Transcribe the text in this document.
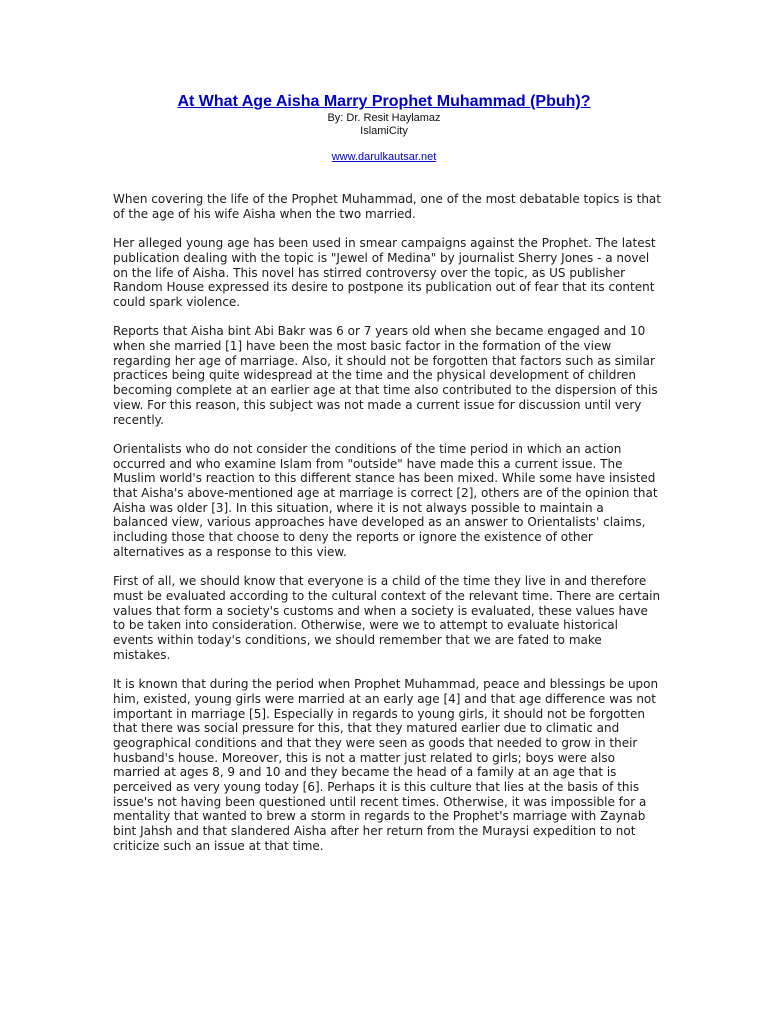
At What Age Aisha Marry Prophet Muhammad (Pbuh)?
By: Dr. Resit Haylamaz
IslamiCity
www.darulkautsar.net

When covering the life of the Prophet Muhammad, one of the most debatable topics is that of the age of his wife Aisha when the two married.

Her alleged young age has been used in smear campaigns against the Prophet. The latest publication dealing with the topic is "Jewel of Medina" by journalist Sherry Jones - a novel on the life of Aisha. This novel has stirred controversy over the topic, as US publisher Random House expressed its desire to postpone its publication out of fear that its content could spark violence.

Reports that Aisha bint Abi Bakr was 6 or 7 years old when she became engaged and 10 when she married [1] have been the most basic factor in the formation of the view regarding her age of marriage. Also, it should not be forgotten that factors such as similar practices being quite widespread at the time and the physical development of children becoming complete at an earlier age at that time also contributed to the dispersion of this view. For this reason, this subject was not made a current issue for discussion until very recently.

Orientalists who do not consider the conditions of the time period in which an action occurred and who examine Islam from "outside" have made this a current issue. The Muslim world's reaction to this different stance has been mixed. While some have insisted that Aisha's above-mentioned age at marriage is correct [2], others are of the opinion that Aisha was older [3]. In this situation, where it is not always possible to maintain a balanced view, various approaches have developed as an answer to Orientalists' claims, including those that choose to deny the reports or ignore the existence of other alternatives as a response to this view.

First of all, we should know that everyone is a child of the time they live in and therefore must be evaluated according to the cultural context of the relevant time. There are certain values that form a society's customs and when a society is evaluated, these values have to be taken into consideration. Otherwise, were we to attempt to evaluate historical events within today's conditions, we should remember that we are fated to make mistakes.

It is known that during the period when Prophet Muhammad, peace and blessings be upon him, existed, young girls were married at an early age [4] and that age difference was not important in marriage [5]. Especially in regards to young girls, it should not be forgotten that there was social pressure for this, that they matured earlier due to climatic and geographical conditions and that they were seen as goods that needed to grow in their husband's house. Moreover, this is not a matter just related to girls; boys were also married at ages 8, 9 and 10 and they became the head of a family at an age that is perceived as very young today [6]. Perhaps it is this culture that lies at the basis of this issue's not having been questioned until recent times. Otherwise, it was impossible for a mentality that wanted to brew a storm in regards to the Prophet's marriage with Zaynab bint Jahsh and that slandered Aisha after her return from the Muraysi expedition to not criticize such an issue at that time.
